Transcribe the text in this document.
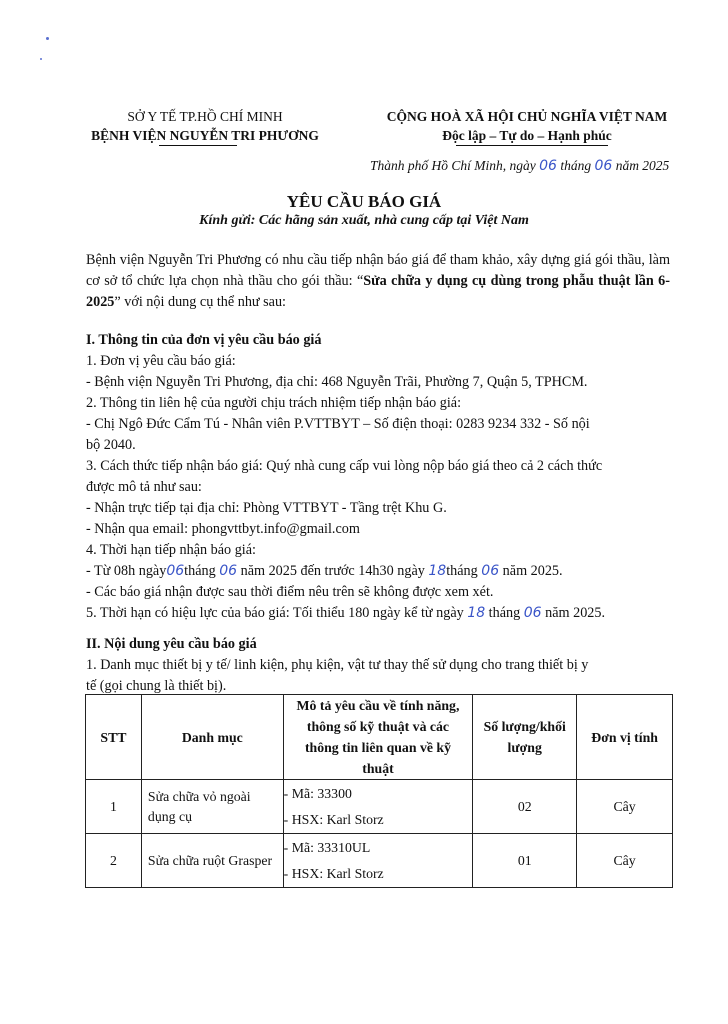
SỞ Y TẾ TP.HỒ CHÍ MINH
BỆNH VIỆN NGUYỄN TRI PHƯƠNG
CỘNG HOÀ XÃ HỘI CHỦ NGHĨA VIỆT NAM
Độc lập – Tự do – Hạnh phúc
Thành phố Hồ Chí Minh, ngày 06 tháng 06 năm 2025
YÊU CẦU BÁO GIÁ
Kính gửi: Các hãng sản xuất, nhà cung cấp tại Việt Nam
Bệnh viện Nguyễn Tri Phương có nhu cầu tiếp nhận báo giá để tham khảo, xây dựng giá gói thầu, làm cơ sở tổ chức lựa chọn nhà thầu cho gói thầu: “Sửa chữa y dụng cụ dùng trong phẫu thuật lần 6-2025” với nội dung cụ thể như sau:
I. Thông tin của đơn vị yêu cầu báo giá
1. Đơn vị yêu cầu báo giá:
- Bệnh viện Nguyễn Tri Phương, địa chỉ: 468 Nguyễn Trãi, Phường 7, Quận 5, TPHCM.
2. Thông tin liên hệ của người chịu trách nhiệm tiếp nhận báo giá:
- Chị Ngô Đức Cẩm Tú - Nhân viên P.VTTBYT – Số điện thoại: 0283 9234 332 - Số nội
bộ 2040.
3. Cách thức tiếp nhận báo giá: Quý nhà cung cấp vui lòng nộp báo giá theo cả 2 cách thức
được mô tả như sau:
- Nhận trực tiếp tại địa chỉ: Phòng VTTBYT - Tầng trệt Khu G.
- Nhận qua email: phongvttbyt.info@gmail.com
4. Thời hạn tiếp nhận báo giá:
- Từ 08h ngày06tháng 06 năm 2025 đến trước 14h30 ngày 18tháng 06 năm 2025.
- Các báo giá nhận được sau thời điểm nêu trên sẽ không được xem xét.
5. Thời hạn có hiệu lực của báo giá: Tối thiểu 180 ngày kể từ ngày 18 tháng 06 năm 2025.
II. Nội dung yêu cầu báo giá
1. Danh mục thiết bị y tế/ linh kiện, phụ kiện, vật tư thay thế sử dụng cho trang thiết bị y
tế (gọi chung là thiết bị).
STT	Danh mục	Mô tả yêu cầu về tính năng, thông số kỹ thuật và các thông tin liên quan về kỹ thuật	Số lượng/khối lượng	Đơn vị tính
1	Sửa chữa vỏ ngoài dụng cụ	- Mã: 33300
- HSX: Karl Storz	02	Cây
2	Sửa chữa ruột Grasper	- Mã: 33310UL
- HSX: Karl Storz	01	Cây
